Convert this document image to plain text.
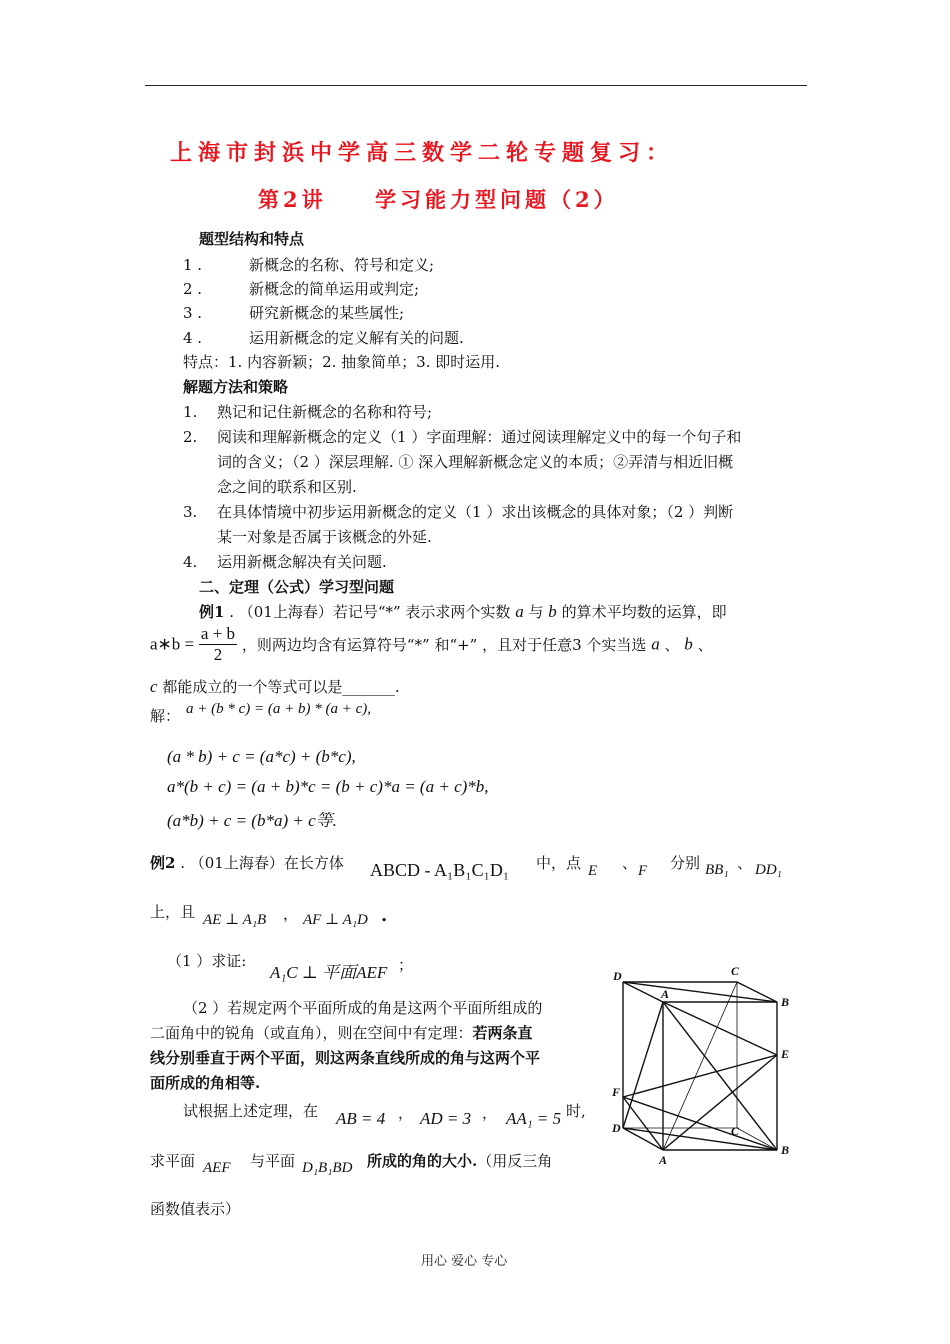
上海市封浜中学高三数学二轮专题复习：
第2讲 学习能力型问题（2）
题型结构和特点
1 .	新概念的名称、符号和定义;
2 .	新概念的简单运用或判定;
3 .	研究新概念的某些属性;
4 .	运用新概念的定义解有关的问题.
特点：1. 内容新颖；2. 抽象简单；3. 即时运用.
解题方法和策略
1. 熟记和记住新概念的名称和符号;
2. 阅读和理解新概念的定义（1 ）字面理解：通过阅读理解定义中的每一个句子和
词的含义；（2 ）深层理解. ① 深入理解新概念定义的本质；②弄清与相近旧概
念之间的联系和区别.
3. 在具体情境中初步运用新概念的定义（1 ）求出该概念的具体对象；（2 ）判断
某一对象是否属于该概念的外延.
4. 运用新概念解决有关问题.
二、定理（公式）学习型问题
例1 . （01上海春）若记号“*” 表示求两个实数 a 与 b 的算术平均数的运算，即
a∗b = $\frac{a + b}{2}$ ，则两边均含有运算符号“*” 和“+” ，且对于任意3 个实当选 a 、 b 、
c 都能成立的一个等式可以是_______.
解： a + (b * c) = (a + b) * (a + c),
(a * b) + c = (a*c) + (b*c),
a*(b + c) = (a + b)*c = (b + c)*a = (a + c)*b,
(a*b) + c = (b*a) + c等.
例2 . （01上海春）在长方体 ABCD - A₁B₁C₁D₁ 中，点 E 、 F 分别 BB₁ 、 DD₁
上，且 AE ⊥ A₁B ， AF ⊥ A₁D .
（1 ）求证:
A₁C ⊥ 平面AEF ；
（2 ）若规定两个平面所成的角是这两个平面所组成的
二面角中的锐角（或直角），则在空间中有定理：若两条直
线分别垂直于两个平面，则这两条直线所成的角与这两个平
面所成的角相等.
试根据上述定理，在 AB = 4 ， AD = 3 ， AA₁ = 5 时,
求平面 AEF 与平面 D₁B₁BD 所成的角的大小.（用反三角
函数值表示）
D	C
A
B
E
F
D	C
A
B
用心 爱心 专心
